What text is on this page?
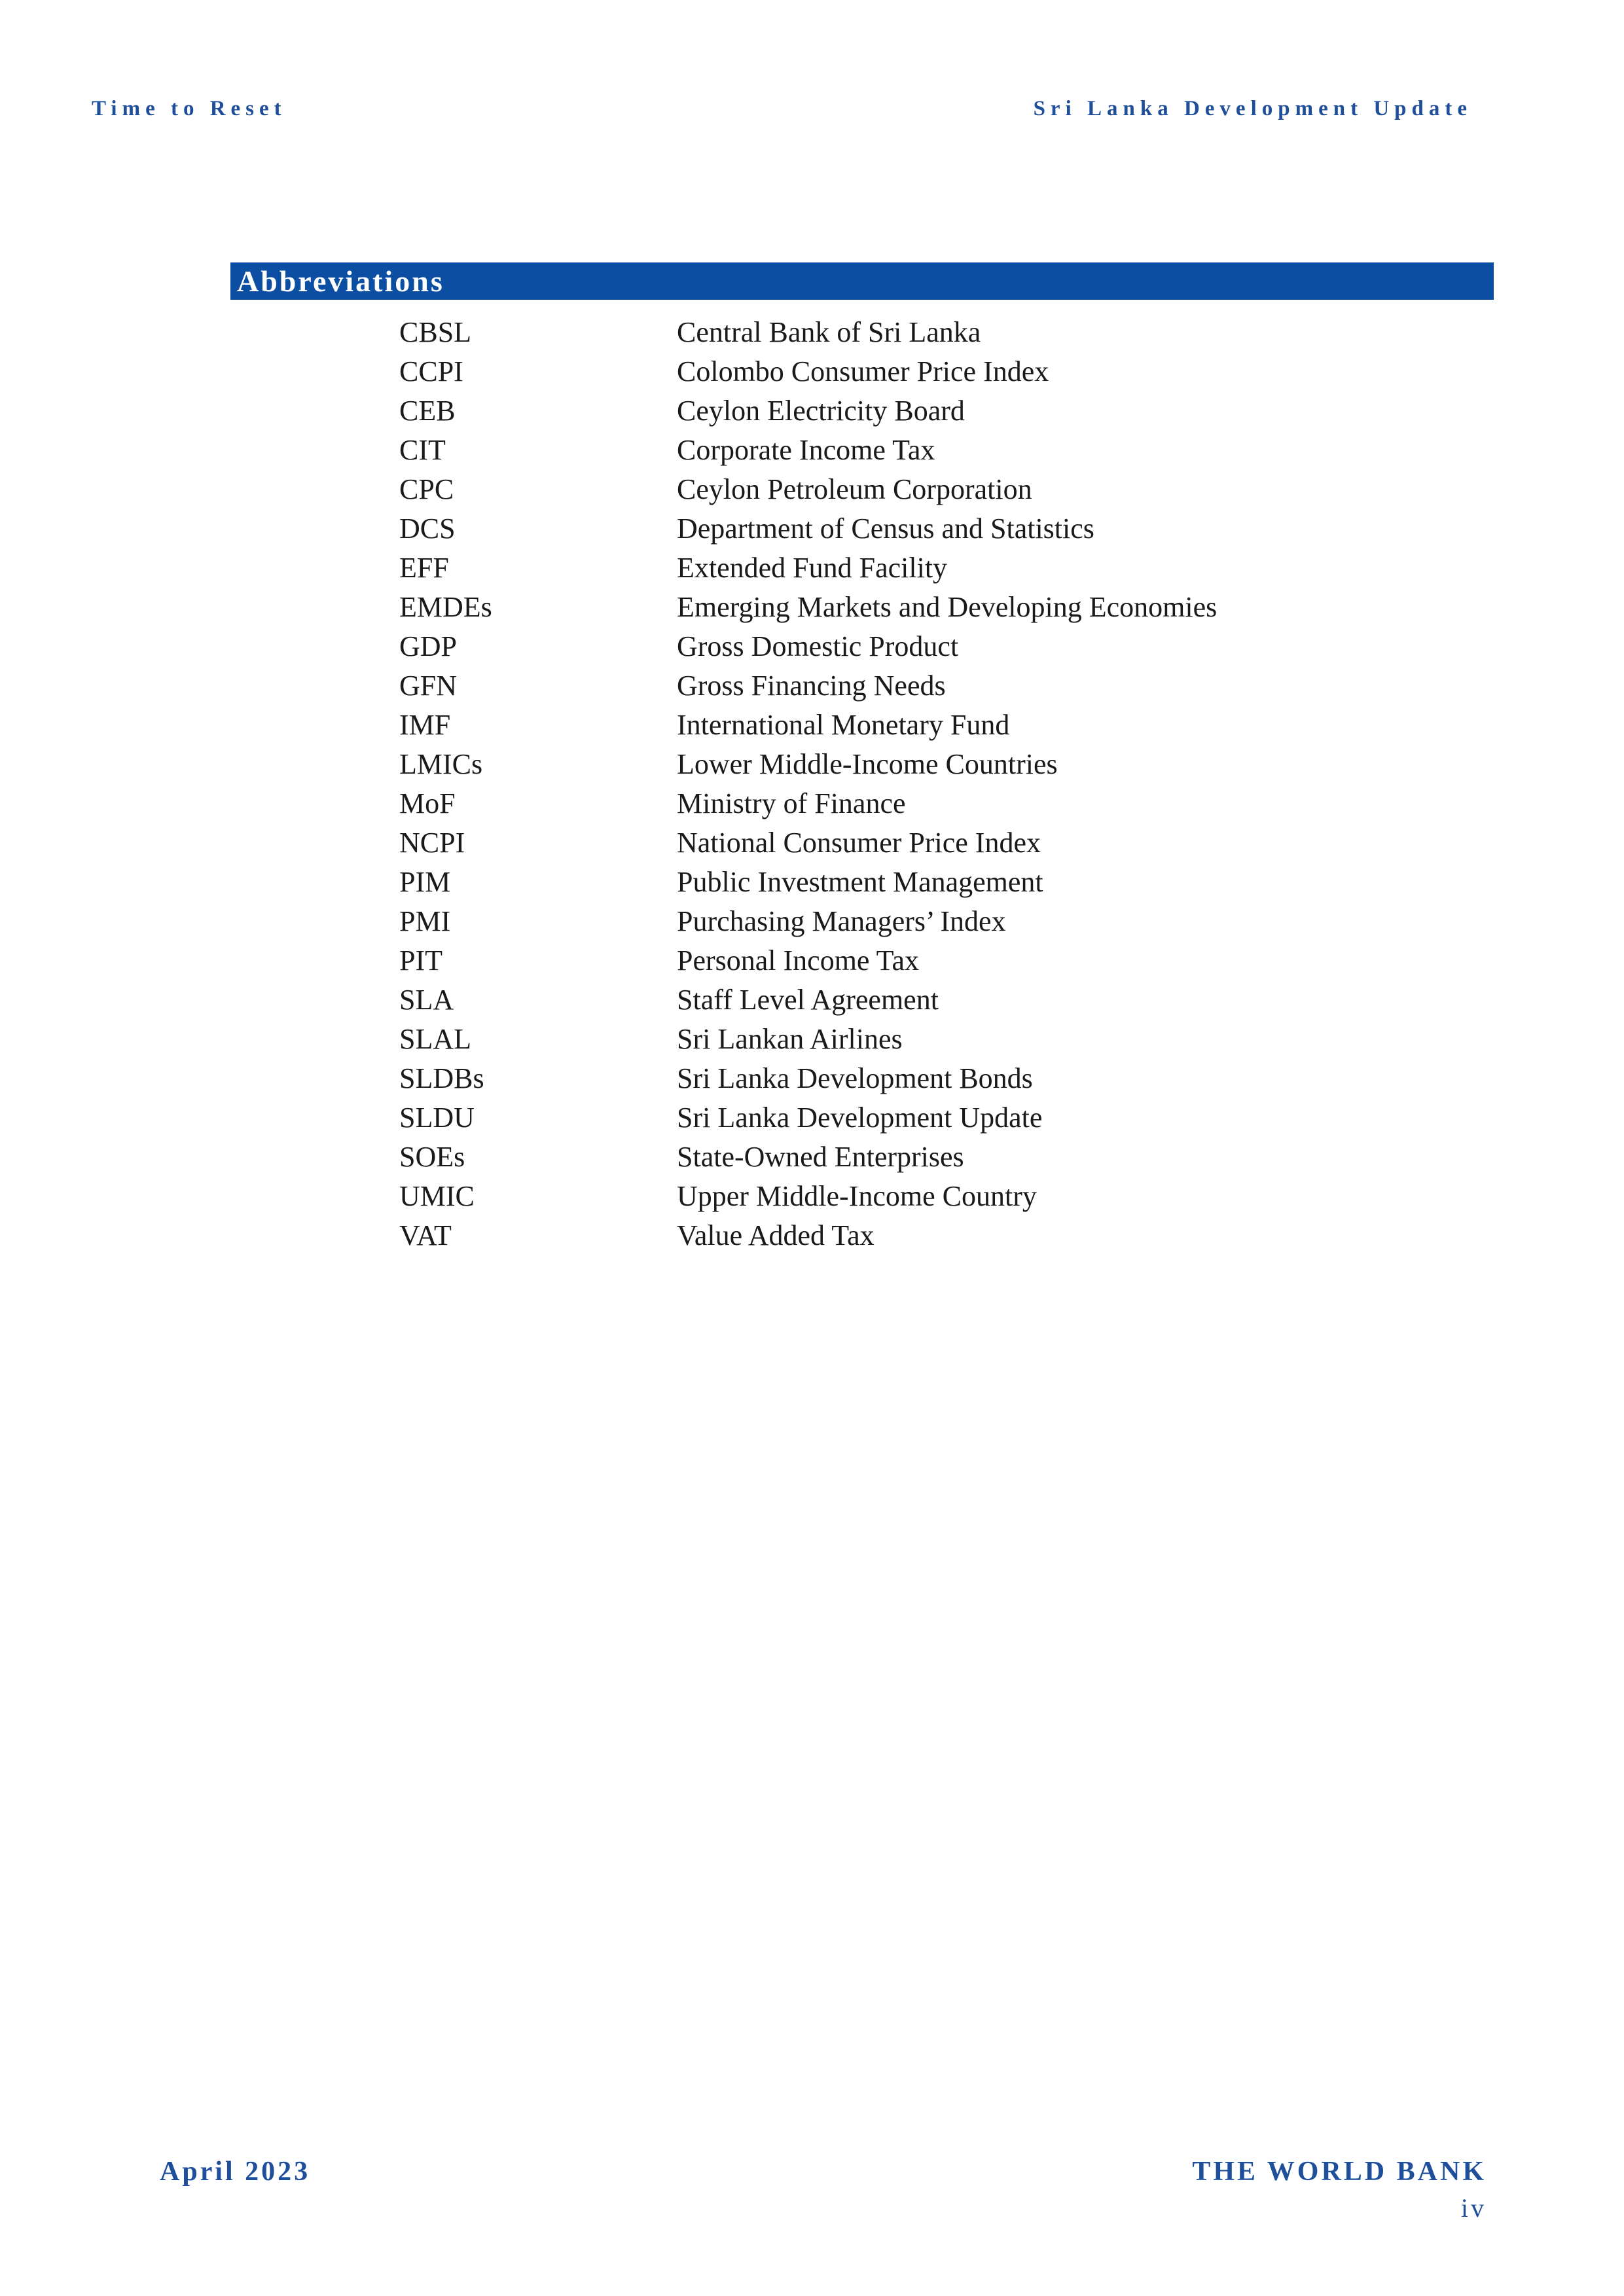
Time to Reset	Sri Lanka Development Update
Abbreviations
CBSL	Central Bank of Sri Lanka
CCPI	Colombo Consumer Price Index
CEB	Ceylon Electricity Board
CIT	Corporate Income Tax
CPC	Ceylon Petroleum Corporation
DCS	Department of Census and Statistics
EFF	Extended Fund Facility
EMDEs	Emerging Markets and Developing Economies
GDP	Gross Domestic Product
GFN	Gross Financing Needs
IMF	International Monetary Fund
LMICs	Lower Middle-Income Countries
MoF	Ministry of Finance
NCPI	National Consumer Price Index
PIM	Public Investment Management
PMI	Purchasing Managers’ Index
PIT	Personal Income Tax
SLA	Staff Level Agreement
SLAL	Sri Lankan Airlines
SLDBs	Sri Lanka Development Bonds
SLDU	Sri Lanka Development Update
SOEs	State-Owned Enterprises
UMIC	Upper Middle-Income Country
VAT	Value Added Tax
April 2023	THE WORLD BANK
iv
